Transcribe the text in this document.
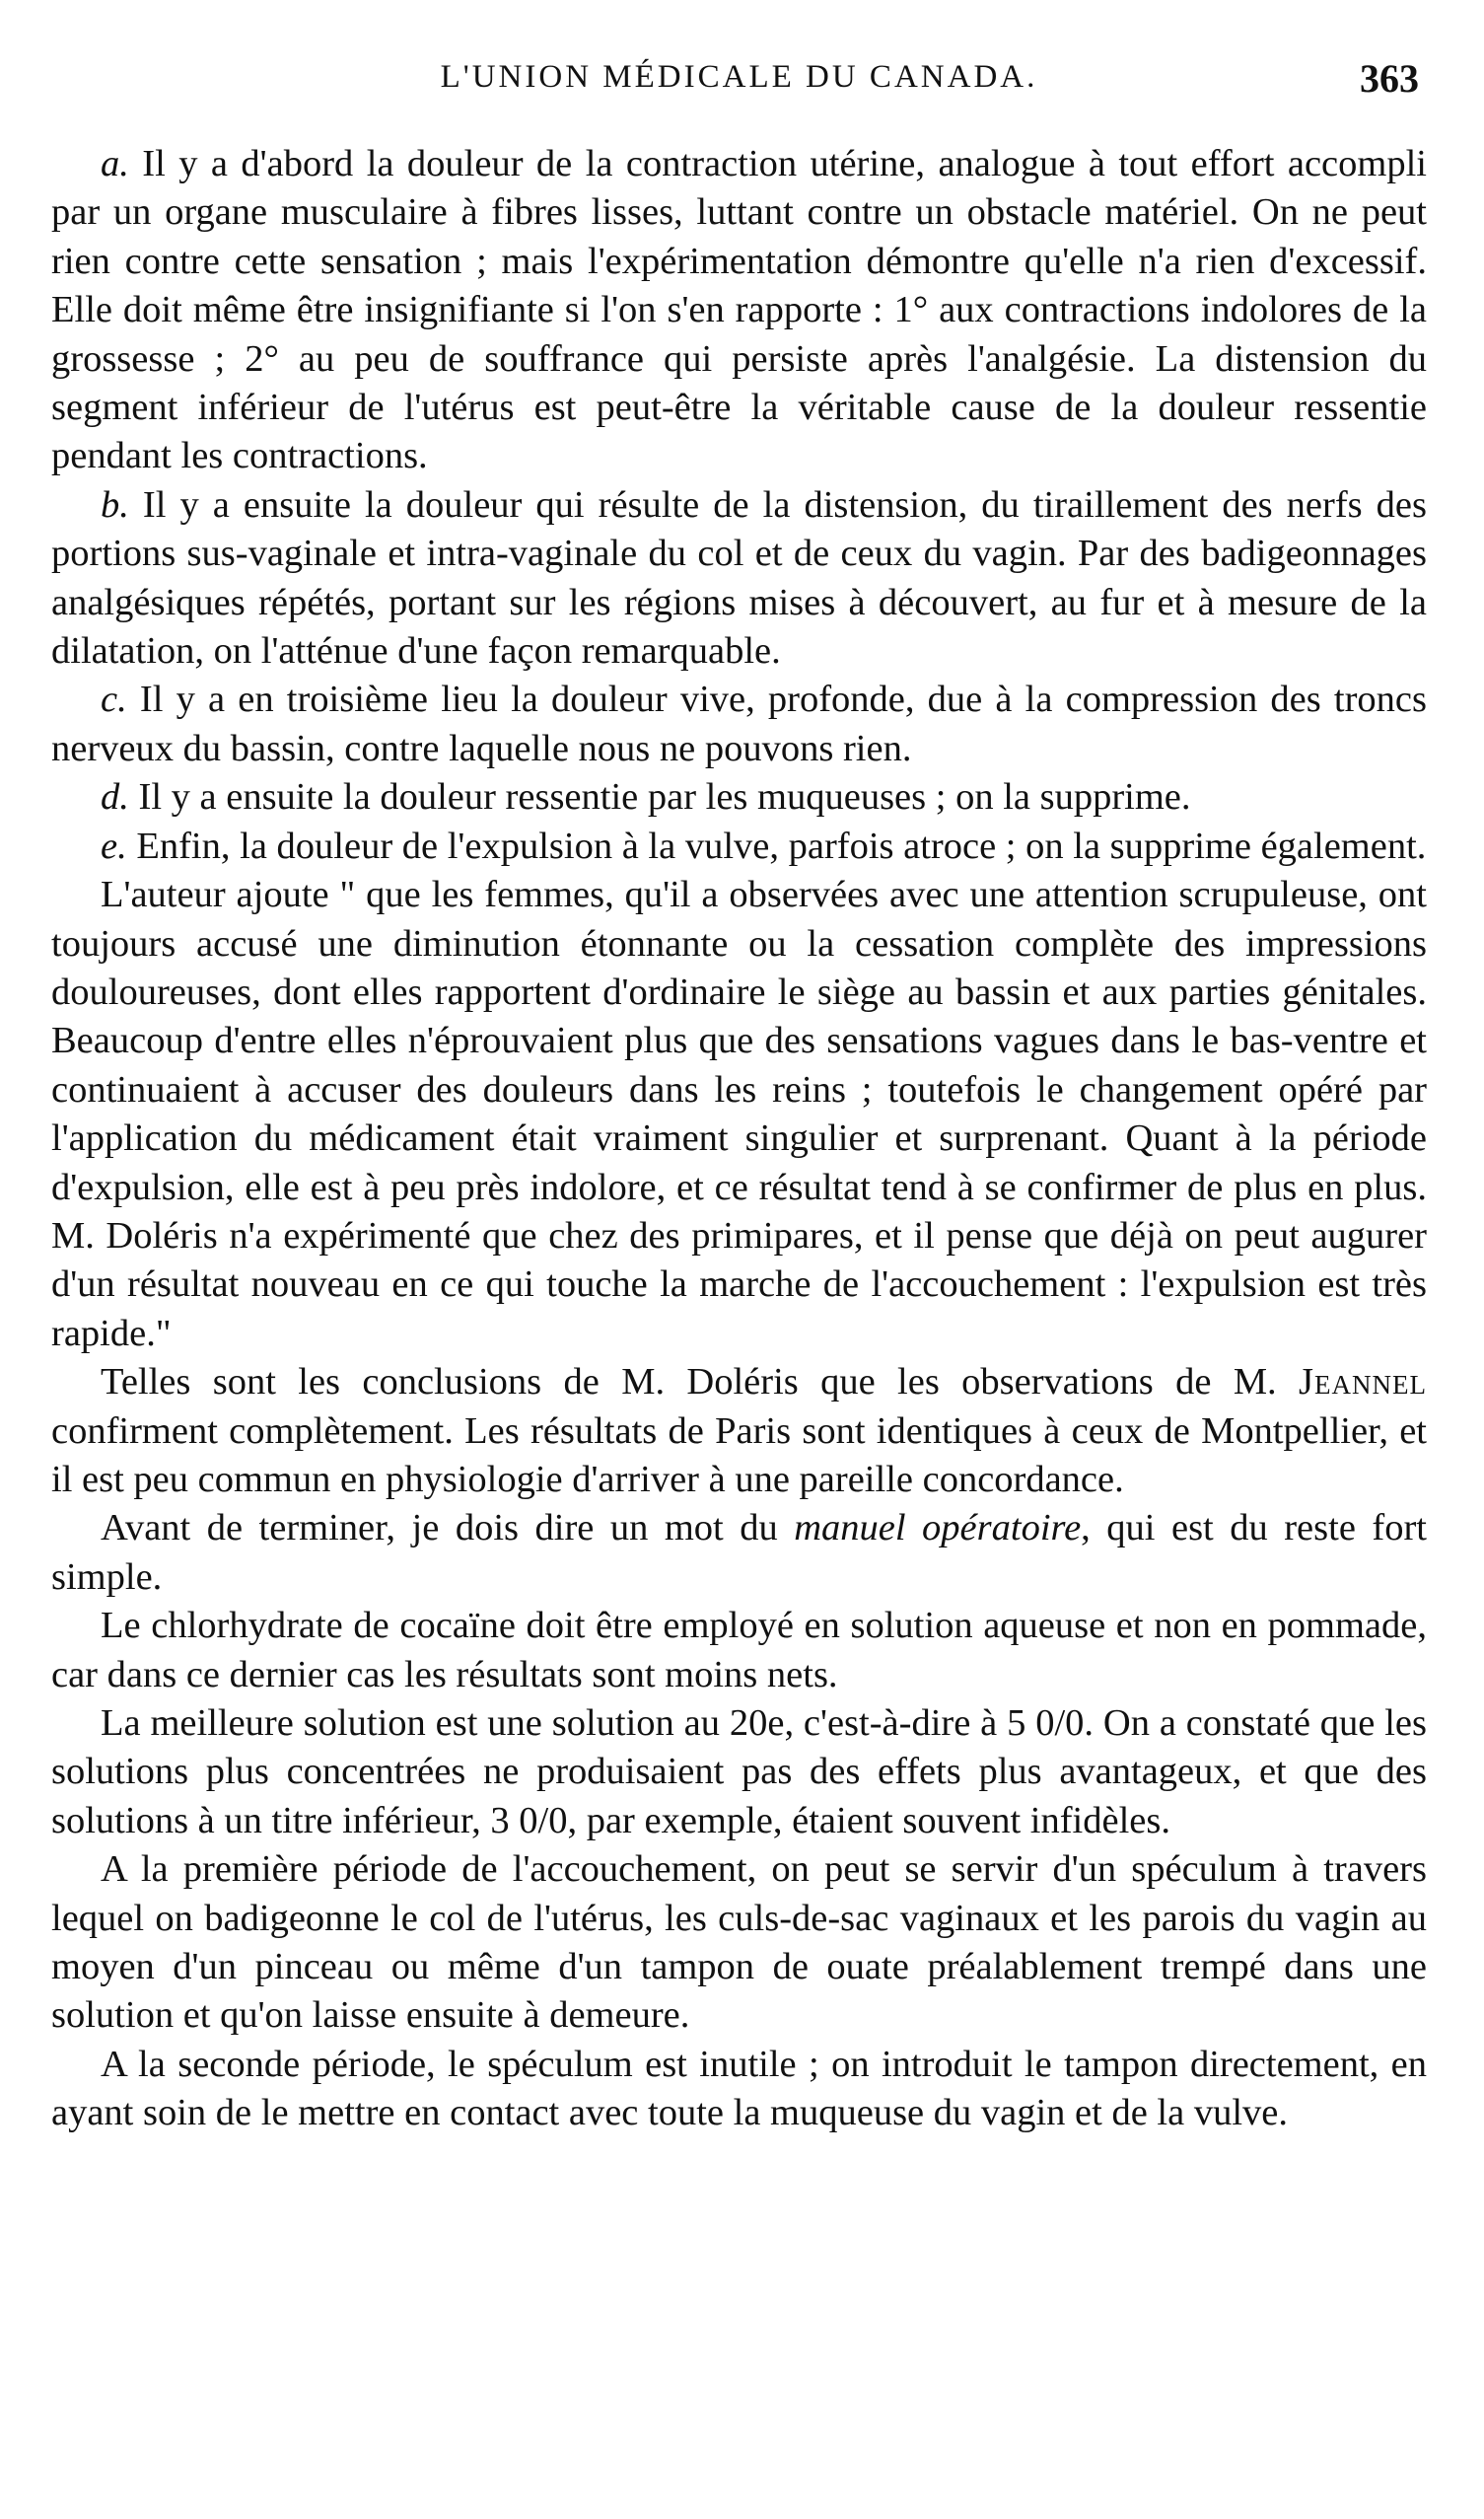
L'UNION MÉDICALE DU CANADA.	363

a. Il y a d'abord la douleur de la contraction utérine, analogue à tout effort accompli par un organe musculaire à fibres lisses, luttant contre un obstacle matériel. On ne peut rien contre cette sensation ; mais l'expérimentation démontre qu'elle n'a rien d'excessif. Elle doit même être insignifiante si l'on s'en rapporte : 1° aux contractions indolores de la grossesse ; 2° au peu de souffrance qui persiste après l'analgésie. La distension du segment inférieur de l'utérus est peut-être la véritable cause de la douleur ressentie pendant les contractions.

b. Il y a ensuite la douleur qui résulte de la distension, du tiraillement des nerfs des portions sus-vaginale et intra-vaginale du col et de ceux du vagin. Par des badigeonnages analgésiques répétés, portant sur les régions mises à découvert, au fur et à mesure de la dilatation, on l'atténue d'une façon remarquable.

c. Il y a en troisième lieu la douleur vive, profonde, due à la compression des troncs nerveux du bassin, contre laquelle nous ne pouvons rien.

d. Il y a ensuite la douleur ressentie par les muqueuses ; on la supprime.

e. Enfin, la douleur de l'expulsion à la vulve, parfois atroce ; on la supprime également.

L'auteur ajoute " que les femmes, qu'il a observées avec une attention scrupuleuse, ont toujours accusé une diminution étonnante ou la cessation complète des impressions douloureuses, dont elles rapportent d'ordinaire le siège au bassin et aux parties génitales. Beaucoup d'entre elles n'éprouvaient plus que des sensations vagues dans le bas-ventre et continuaient à accuser des douleurs dans les reins ; toutefois le changement opéré par l'application du médicament était vraiment singulier et surprenant. Quant à la période d'expulsion, elle est à peu près indolore, et ce résultat tend à se confirmer de plus en plus. M. Doléris n'a expérimenté que chez des primipares, et il pense que déjà on peut augurer d'un résultat nouveau en ce qui touche la marche de l'accouchement : l'expulsion est très rapide."

Telles sont les conclusions de M. Doléris que les observations de M. Jeannel confirment complètement. Les résultats de Paris sont identiques à ceux de Montpellier, et il est peu commun en physiologie d'arriver à une pareille concordance.

Avant de terminer, je dois dire un mot du manuel opératoire, qui est du reste fort simple.

Le chlorhydrate de cocaïne doit être employé en solution aqueuse et non en pommade, car dans ce dernier cas les résultats sont moins nets.

La meilleure solution est une solution au 20e, c'est-à-dire à 5 0/0. On a constaté que les solutions plus concentrées ne produisaient pas des effets plus avantageux, et que des solutions à un titre inférieur, 3 0/0, par exemple, étaient souvent infidèles.

A la première période de l'accouchement, on peut se servir d'un spéculum à travers lequel on badigeonne le col de l'utérus, les culs-de-sac vaginaux et les parois du vagin au moyen d'un pinceau ou même d'un tampon de ouate préalablement trempé dans une solution et qu'on laisse ensuite à demeure.

A la seconde période, le spéculum est inutile ; on introduit le tampon directement, en ayant soin de le mettre en contact avec toute la muqueuse du vagin et de la vulve.
